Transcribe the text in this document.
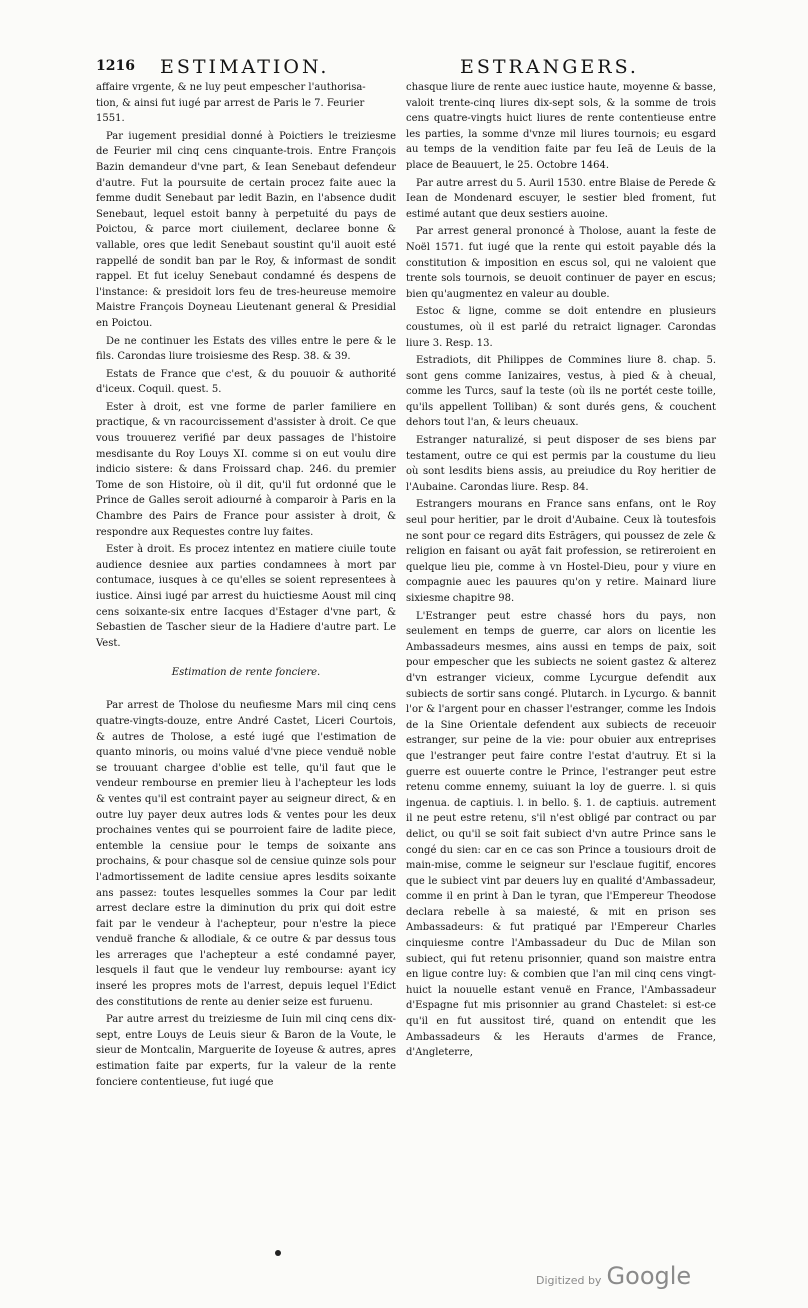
1216 ESTIMATION.	ESTRANGERS.

affaire vrgente, & ne luy peut empescher l'authorisa-
tion, & ainsi fut iugé par arrest de Paris le 7. Feurier
1551.

Par iugement presidial donné à Poictiers le treiziesme de Feurier mil cinq cens cinquante-trois. Entre François Bazin demandeur d'vne part, & Iean Senebaut defendeur d'autre. Fut la poursuite de certain procez faite auec la femme dudit Senebaut par ledit Bazin, en l'absence dudit Senebaut, lequel estoit banny à perpetuité du pays de Poictou, & parce mort ciuilement, declaree bonne & vallable, ores que ledit Senebaut soustint qu'il auoit esté rappellé de sondit ban par le Roy, & informast de sondit rappel. Et fut iceluy Senebaut condamné és despens de l'instance: & presidoit lors feu de tres-heureuse memoire Maistre François Doyneau Lieutenant general & Presidial en Poictou.

De ne continuer les Estats des villes entre le pere & le fils. Carondas liure troisiesme des Resp. 38. & 39.

Estats de France que c'est, & du pouuoir & authorité d'iceux. Coquil. quest. 5.

Ester à droit, est vne forme de parler familiere en practique, & vn racourcissement d'assister à droit. Ce que vous trouuerez verifié par deux passages de l'histoire mesdisante du Roy Louys XI. comme si on eut voulu dire indicio sistere: & dans Froissard chap. 246. du premier Tome de son Histoire, où il dit, qu'il fut ordonné que le Prince de Galles seroit adiourné à comparoir à Paris en la Chambre des Pairs de France pour assister à droit, & respondre aux Requestes contre luy faites.

Ester à droit. Es procez intentez en matiere ciuile toute audience desniee aux parties condamnees à mort par contumace, iusques à ce qu'elles se soient representees à iustice. Ainsi iugé par arrest du huictiesme Aoust mil cinq cens soixante-six entre Iacques d'Estager d'vne part, & Sebastien de Tascher sieur de la Hadiere d'autre part. Le Vest.

Estimation de rente fonciere.

Par arrest de Tholose du neufiesme Mars mil cinq cens quatre-vingts-douze, entre André Castet, Liceri Courtois, & autres de Tholose, a esté iugé que l'estimation de quanto minoris, ou moins valué d'vne piece venduë noble se trouuant chargee d'oblie est telle, qu'il faut que le vendeur rembourse en premier lieu à l'achepteur les lods & ventes qu'il est contraint payer au seigneur direct, & en outre luy payer deux autres lods & ventes pour les deux prochaines ventes qui se pourroient faire de ladite piece, entemble la censiue pour le temps de soixante ans prochains, & pour chasque sol de censiue quinze sols pour l'admortissement de ladite censiue apres lesdits soixante ans passez: toutes lesquelles sommes la Cour par ledit arrest declare estre la diminution du prix qui doit estre fait par le vendeur à l'achepteur, pour n'estre la piece venduë franche & allodiale, & ce outre & par dessus tous les arrerages que l'achepteur a esté condamné payer, lesquels il faut que le vendeur luy rembourse: ayant icy inseré les propres mots de l'arrest, depuis lequel l'Edict des constitutions de rente au denier seize est furuenu.

Par autre arrest du treiziesme de Iuin mil cinq cens dix-sept, entre Louys de Leuis sieur & Baron de la Voute, le sieur de Montcalin, Marguerite de Ioyeuse & autres, apres estimation faite par experts, fur la valeur de la rente fonciere contentieuse, fut iugé que

chasque liure de rente auec iustice haute, moyenne & basse, valoit trente-cinq liures dix-sept sols, & la somme de trois cens quatre-vingts huict liures de rente contentieuse entre les parties, la somme d'vnze mil liures tournois; eu esgard au temps de la vendition faite par feu Ieã de Leuis de la place de Beauuert, le 25. Octobre 1464.

Par autre arrest du 5. Auril 1530. entre Blaise de Perede & Iean de Mondenard escuyer, le sestier bled froment, fut estimé autant que deux sestiers auoine.

Par arrest general prononcé à Tholose, auant la feste de Noël 1571. fut iugé que la rente qui estoit payable dés la constitution & imposition en escus sol, qui ne valoient que trente sols tournois, se deuoit continuer de payer en escus; bien qu'augmentez en valeur au double.

Estoc & ligne, comme se doit entendre en plusieurs coustumes, où il est parlé du retraict lignager. Carondas liure 3. Resp. 13.

Estradiots, dit Philippes de Commines liure 8. chap. 5. sont gens comme Ianizaires, vestus, à pied & à cheual, comme les Turcs, sauf la teste (où ils ne portét ceste toille, qu'ils appellent Tolliban) & sont durés gens, & couchent dehors tout l'an, & leurs cheuaux.

Estranger naturalizé, si peut disposer de ses biens par testament, outre ce qui est permis par la coustume du lieu où sont lesdits biens assis, au preiudice du Roy heritier de l'Aubaine. Carondas liure. Resp. 84.

Estrangers mourans en France sans enfans, ont le Roy seul pour heritier, par le droit d'Aubaine. Ceux là toutesfois ne sont pour ce regard dits Estrãgers, qui poussez de zele & religion en faisant ou ayãt fait profession, se retireroient en quelque lieu pie, comme à vn Hostel-Dieu, pour y viure en compagnie auec les pauures qu'on y retire. Mainard liure sixiesme chapitre 98.

L'Estranger peut estre chassé hors du pays, non seulement en temps de guerre, car alors on licentie les Ambassadeurs mesmes, ains aussi en temps de paix, soit pour empescher que les subiects ne soient gastez & alterez d'vn estranger vicieux, comme Lycurgue defendit aux subiects de sortir sans congé. Plutarch. in Lycurgo. & bannit l'or & l'argent pour en chasser l'estranger, comme les Indois de la Sine Orientale defendent aux subiects de receuoir estranger, sur peine de la vie: pour obuier aux entreprises que l'estranger peut faire contre l'estat d'autruy. Et si la guerre est ouuerte contre le Prince, l'estranger peut estre retenu comme ennemy, suiuant la loy de guerre. l. si quis ingenua. de captiuis. l. in bello. §. 1. de captiuis. autrement il ne peut estre retenu, s'il n'est obligé par contract ou par delict, ou qu'il se soit fait subiect d'vn autre Prince sans le congé du sien: car en ce cas son Prince a tousiours droit de main-mise, comme le seigneur sur l'esclaue fugitif, encores que le subiect vint par deuers luy en qualité d'Ambassadeur, comme il en print à Dan le tyran, que l'Empereur Theodose declara rebelle à sa maiesté, & mit en prison ses Ambassadeurs: & fut pratiqué par l'Empereur Charles cinquiesme contre l'Ambassadeur du Duc de Milan son subiect, qui fut retenu prisonnier, quand son maistre entra en ligue contre luy: & combien que l'an mil cinq cens vingt-huict la nouuelle estant venuë en France, l'Ambassadeur d'Espagne fut mis prisonnier au grand Chastelet: si est-ce qu'il en fut aussitost tiré, quand on entendit que les Ambassadeurs & les Herauts d'armes de France, d'Angleterre,

Digitized by Google
